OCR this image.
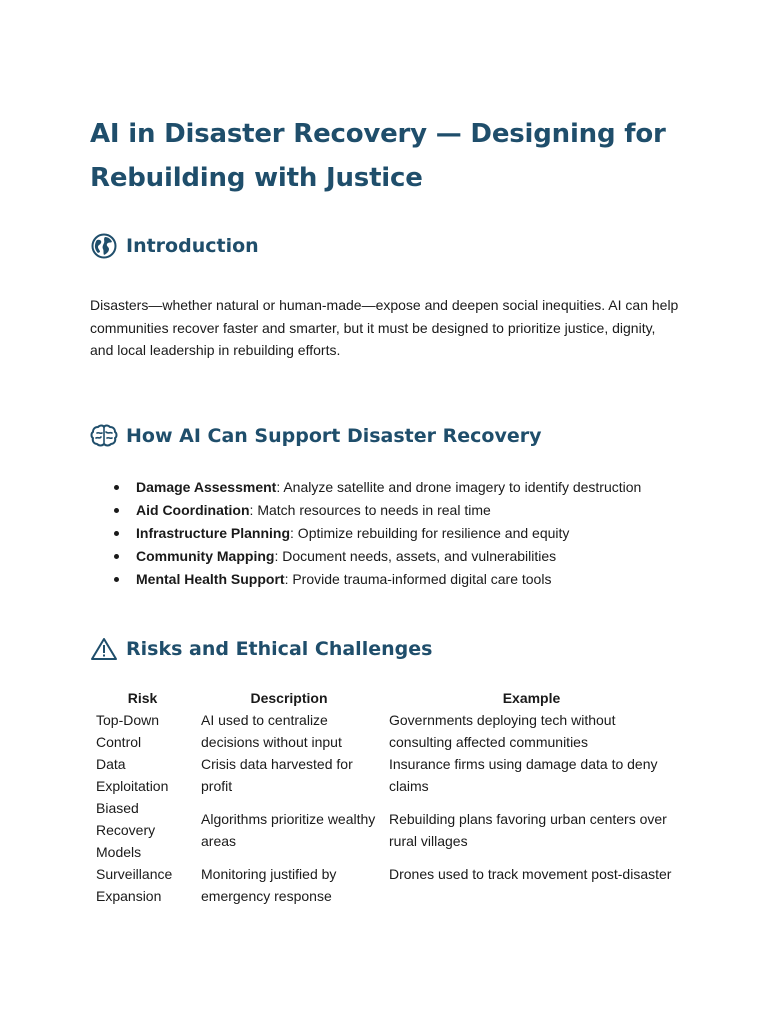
AI in Disaster Recovery — Designing for Rebuilding with Justice
Introduction

Disasters—whether natural or human-made—expose and deepen social inequities. AI can help communities recover faster and smarter, but it must be designed to prioritize justice, dignity, and local leadership in rebuilding efforts.

How AI Can Support Disaster Recovery
Damage Assessment: Analyze satellite and drone imagery to identify destruction
Aid Coordination: Match resources to needs in real time
Infrastructure Planning: Optimize rebuilding for resilience and equity
Community Mapping: Document needs, assets, and vulnerabilities
Mental Health Support: Provide trauma-informed digital care tools
Risks and Ethical Challenges
Risk	Description	Example
Top-Down Control	AI used to centralize decisions without input	Governments deploying tech without consulting affected communities
Data Exploitation	Crisis data harvested for profit	Insurance firms using damage data to deny claims
Biased Recovery Models	Algorithms prioritize wealthy areas	Rebuilding plans favoring urban centers over rural villages
Surveillance Expansion	Monitoring justified by emergency response	Drones used to track movement post-disaster
